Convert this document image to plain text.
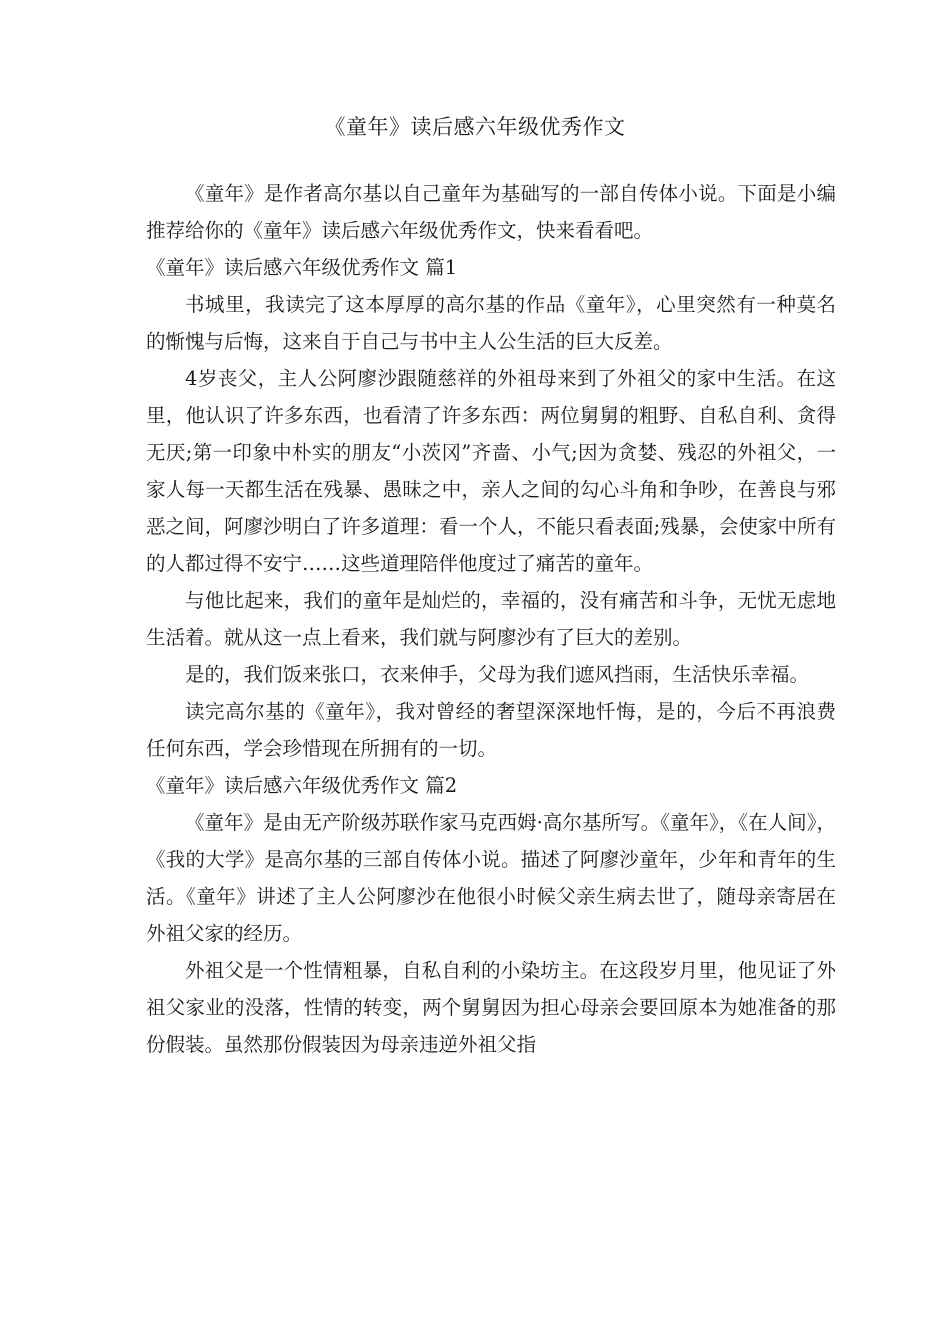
《童年》读后感六年级优秀作文

《童年》是作者高尔基以自己童年为基础写的一部自传体小说。下面是小编推荐给你的《童年》读后感六年级优秀作文，快来看看吧。

《童年》读后感六年级优秀作文 篇1

书城里，我读完了这本厚厚的高尔基的作品《童年》，心里突然有一种莫名的惭愧与后悔，这来自于自己与书中主人公生活的巨大反差。

4岁丧父，主人公阿廖沙跟随慈祥的外祖母来到了外祖父的家中生活。在这里，他认识了许多东西，也看清了许多东西：两位舅舅的粗野、自私自利、贪得无厌;第一印象中朴实的朋友“小茨冈”齐啬、小气;因为贪婪、残忍的外祖父，一家人每一天都生活在残暴、愚昧之中，亲人之间的勾心斗角和争吵，在善良与邪恶之间，阿廖沙明白了许多道理：看一个人，不能只看表面;残暴，会使家中所有的人都过得不安宁……这些道理陪伴他度过了痛苦的童年。

与他比起来，我们的童年是灿烂的，幸福的，没有痛苦和斗争，无忧无虑地生活着。就从这一点上看来，我们就与阿廖沙有了巨大的差别。

是的，我们饭来张口，衣来伸手，父母为我们遮风挡雨，生活快乐幸福。

读完高尔基的《童年》，我对曾经的奢望深深地忏悔，是的，今后不再浪费任何东西，学会珍惜现在所拥有的一切。

《童年》读后感六年级优秀作文 篇2

《童年》是由无产阶级苏联作家马克西姆·高尔基所写。《童年》，《在人间》，《我的大学》是高尔基的三部自传体小说。描述了阿廖沙童年，少年和青年的生活。《童年》讲述了主人公阿廖沙在他很小时候父亲生病去世了，随母亲寄居在外祖父家的经历。

外祖父是一个性情粗暴，自私自利的小染坊主。在这段岁月里，他见证了外祖父家业的没落，性情的转变，两个舅舅因为担心母亲会要回原本为她准备的那份假装。虽然那份假装因为母亲违逆外祖父指
